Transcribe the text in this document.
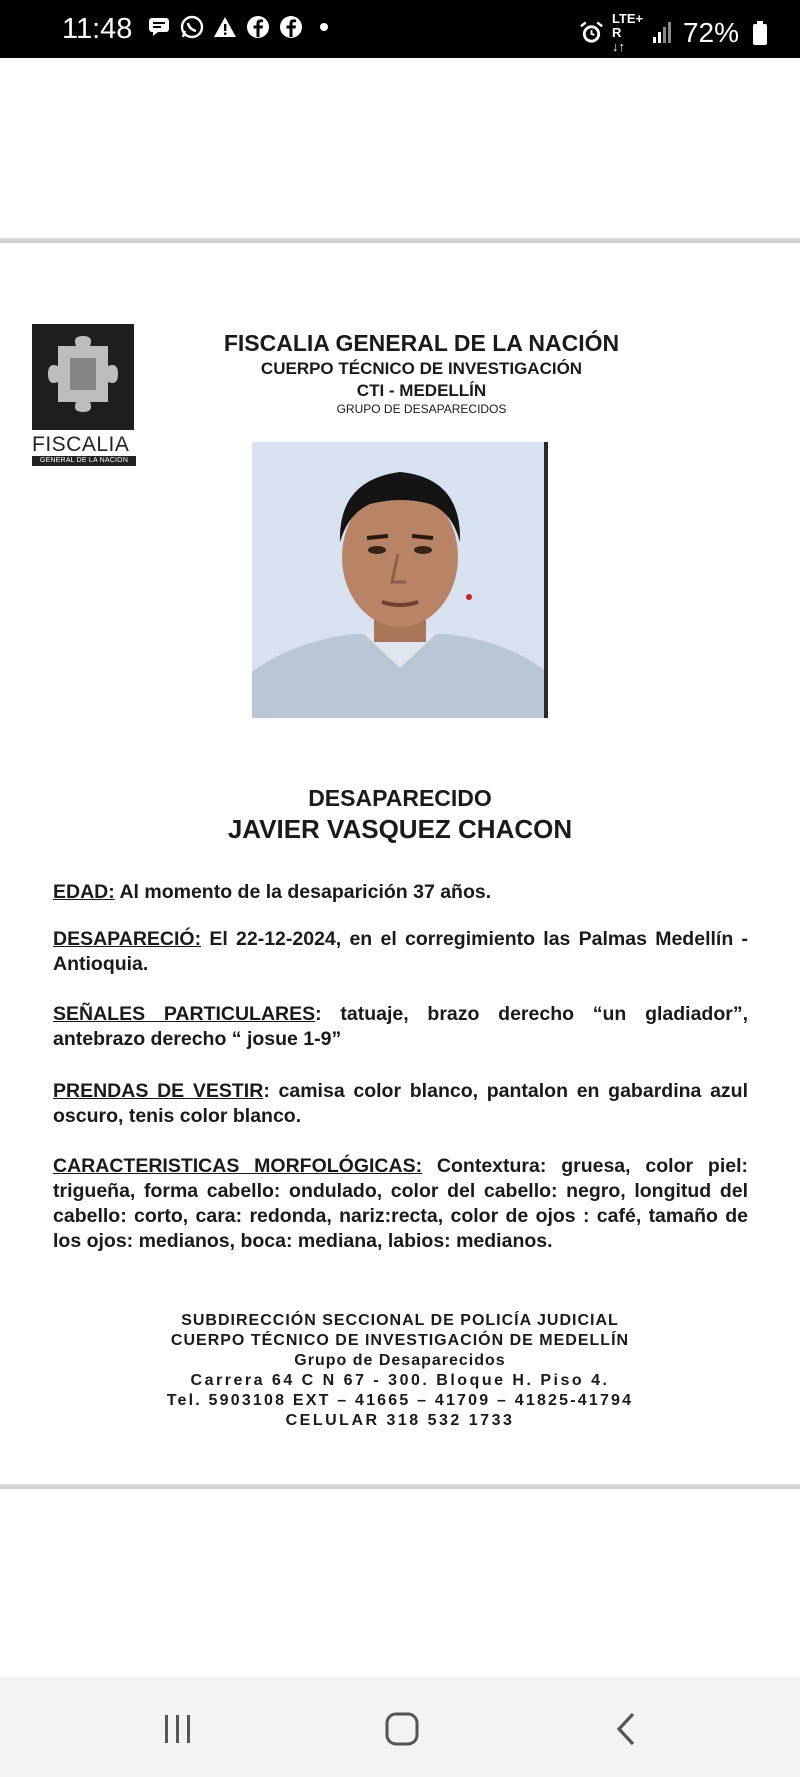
11:48	LTE+ R
↓↑	72%
FISCALIA
GENERAL DE LA NACION
FISCALIA GENERAL DE LA NACIÓN
CUERPO TÉCNICO DE INVESTIGACIÓN
CTI - MEDELLÍN
GRUPO DE DESAPARECIDOS
DESAPARECIDO
JAVIER VASQUEZ CHACON
EDAD: Al momento de la desaparición 37 años.
DESAPARECIÓ: El 22-12-2024, en el corregimiento las Palmas Medellín - Antioquia.
SEÑALES PARTICULARES: tatuaje, brazo derecho “un gladiador”, antebrazo derecho “ josue 1-9”
PRENDAS DE VESTIR: camisa color blanco, pantalon en gabardina azul oscuro, tenis color blanco.
CARACTERISTICAS MORFOLÓGICAS: Contextura: gruesa, color piel: trigueña, forma cabello: ondulado, color del cabello: negro, longitud del cabello: corto, cara: redonda, nariz:recta, color de ojos : café, tamaño de los ojos: medianos, boca: mediana, labios: medianos.
SUBDIRECCIÓN SECCIONAL DE POLICÍA JUDICIAL
CUERPO TÉCNICO DE INVESTIGACIÓN DE MEDELLÍN
Grupo de Desaparecidos
Carrera 64 C N 67 - 300. Bloque H. Piso 4.
Tel. 5903108 EXT – 41665 – 41709 – 41825-41794
CELULAR 318 532 1733
